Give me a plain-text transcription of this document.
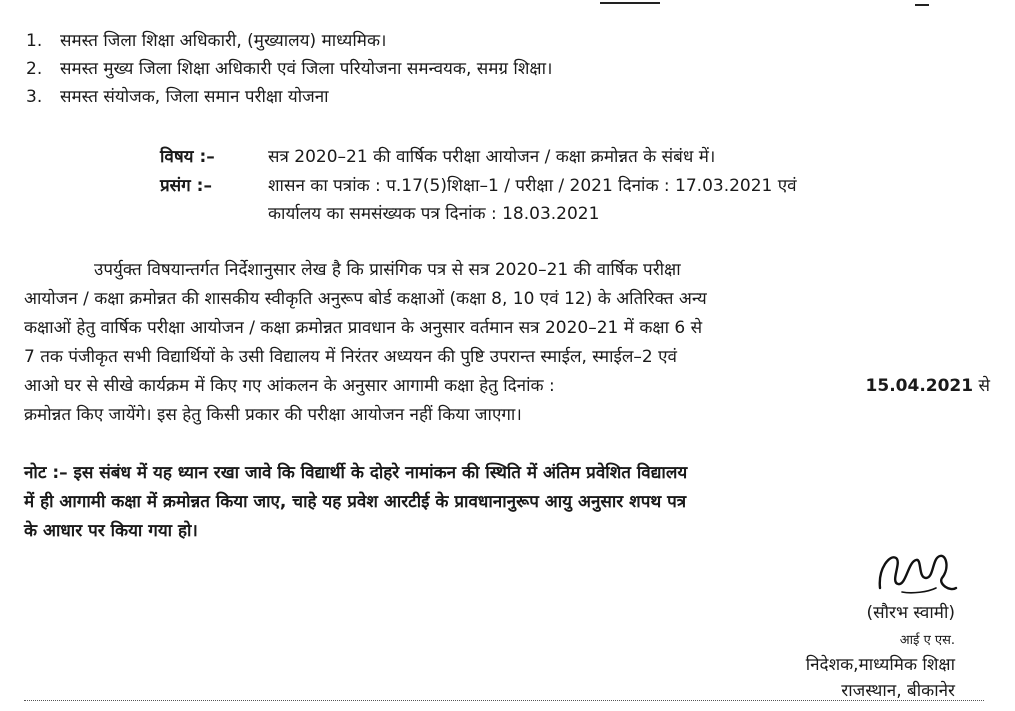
1. समस्त जिला शिक्षा अधिकारी, (मुख्यालय) माध्यमिक।
2. समस्त मुख्य जिला शिक्षा अधिकारी एवं जिला परियोजना समन्वयक, समग्र शिक्षा।
3. समस्त संयोजक, जिला समान परीक्षा योजना
विषय :–	सत्र 2020–21 की वार्षिक परीक्षा आयोजन / कक्षा क्रमोन्नत के संबंध में।
प्रसंग :–	शासन का पत्रांक : प.17(5)शिक्षा–1 / परीक्षा / 2021 दिनांक : 17.03.2021 एवं
कार्यालय का समसंख्यक पत्र दिनांक : 18.03.2021
उपर्युक्त विषयान्तर्गत निर्देशानुसार लेख है कि प्रासंगिक पत्र से सत्र 2020–21 की वार्षिक परीक्षा
आयोजन / कक्षा क्रमोन्नत की शासकीय स्वीकृति अनुरूप बोर्ड कक्षाओं (कक्षा 8, 10 एवं 12) के अतिरिक्त अन्य
कक्षाओं हेतु वार्षिक परीक्षा आयोजन / कक्षा क्रमोन्नत प्रावधान के अनुसार वर्तमान सत्र 2020–21 में कक्षा 6 से
7 तक पंजीकृत सभी विद्यार्थियों के उसी विद्यालय में निरंतर अध्ययन की पुष्टि उपरान्त स्माईल, स्माईल–2 एवं
आओ घर से सीखे कार्यक्रम में किए गए आंकलन के अनुसार आगामी कक्षा हेतु दिनांक :	15.04.2021 से
क्रमोन्नत किए जायेंगे। इस हेतु किसी प्रकार की परीक्षा आयोजन नहीं किया जाएगा।
नोट :– इस संबंध में यह ध्यान रखा जावे कि विद्यार्थी के दोहरे नामांकन की स्थिति में अंतिम प्रवेशित विद्यालय
में ही आगामी कक्षा में क्रमोन्नत किया जाए, चाहे यह प्रवेश आरटीई के प्रावधानानुरूप आयु अनुसार शपथ पत्र
के आधार पर किया गया हो।
(सौरभ स्वामी)
आई ए एस.
निदेशक,माध्यमिक शिक्षा
राजस्थान, बीकानेर
